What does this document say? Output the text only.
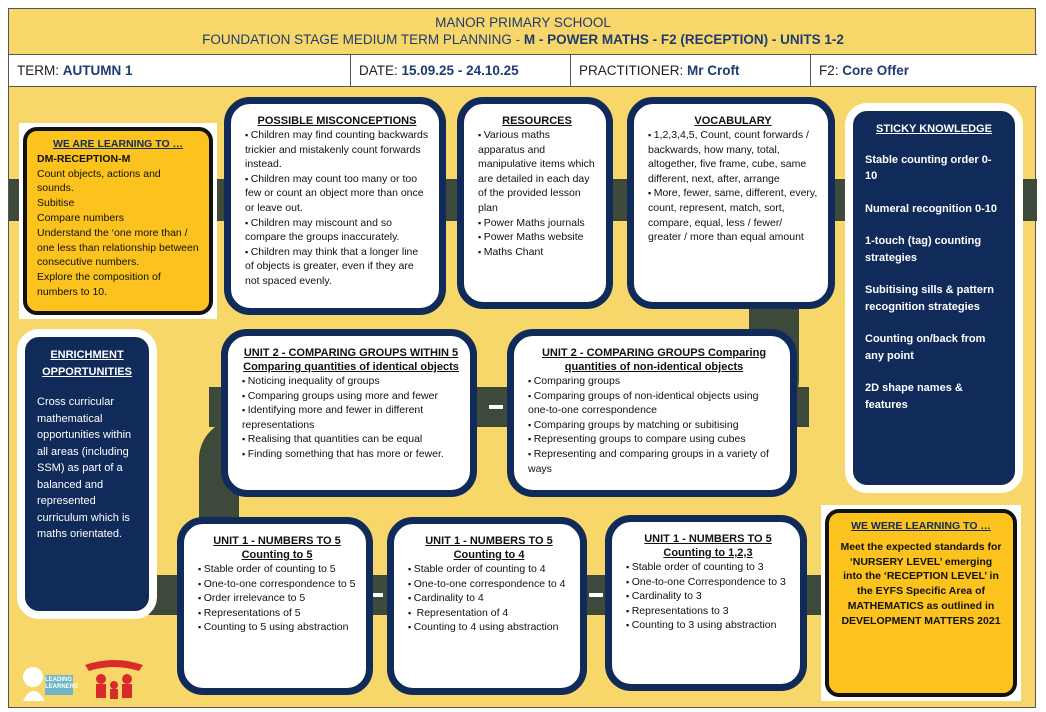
MANOR PRIMARY SCHOOL
FOUNDATION STAGE MEDIUM TERM PLANNING - M - POWER MATHS - F2 (RECEPTION) - UNITS 1-2
TERM: AUTUMN 1	DATE: 15.09.25 - 24.10.25	PRACTITIONER: Mr Croft	F2: Core Offer
WE ARE LEARNING TO …
DM-RECEPTION-M
Count objects, actions and sounds.
Subitise
Compare numbers
Understand the ‘one more than / one less than relationship between consecutive numbers.
Explore the composition of numbers to 10.
POSSIBLE MISCONCEPTIONS
▪ Children may find counting backwards trickier and mistakenly count forwards instead.
▪ Children may count too many or too few or count an object more than once or leave out.
▪ Children may miscount and so compare the groups inaccurately.
▪ Children may think that a longer line of objects is greater, even if they are not spaced evenly.
RESOURCES
▪ Various maths apparatus and manipulative items which are detailed in each day of the provided lesson plan
▪ Power Maths journals
▪ Power Maths website
▪ Maths Chant
VOCABULARY
▪ 1,2,3,4,5, Count, count forwards / backwards, how many, total, altogether, five frame, cube, same different, next, after, arrange
▪ More, fewer, same, different, every, count, represent, match, sort, compare, equal, less / fewer/ greater / more than equal amount
STICKY KNOWLEDGE
Stable counting order 0-10
Numeral recognition 0-10
1-touch (tag) counting strategies
Subitising sills & pattern recognition strategies
Counting on/back from any point
2D shape names & features
ENRICHMENT OPPORTUNITIES
Cross curricular mathematical opportunities within all areas (including SSM) as part of a balanced and represented curriculum which is maths orientated.
UNIT 2 - COMPARING GROUPS WITHIN 5
Comparing quantities of identical objects
▪ Noticing inequality of groups
▪ Comparing groups using more and fewer
▪ Identifying more and fewer in different representations
▪ Realising that quantities can be equal
▪ Finding something that has more or fewer.
UNIT 2 - COMPARING GROUPS Comparing quantities of non-identical objects
▪ Comparing groups
▪ Comparing groups of non-identical objects using one-to-one correspondence
▪ Comparing groups by matching or subitising
▪ Representing groups to compare using cubes
▪ Representing and comparing groups in a variety of ways
UNIT 1 - NUMBERS TO 5
Counting to 5
▪ Stable order of counting to 5
▪ One-to-one correspondence to 5
▪ Order irrelevance to 5
▪ Representations of 5
▪ Counting to 5 using abstraction
UNIT 1 - NUMBERS TO 5
Counting to 4
▪ Stable order of counting to 4
▪ One-to-one correspondence to 4
▪ Cardinality to 4
▪  Representation of 4
▪ Counting to 4 using abstraction
UNIT 1 - NUMBERS TO 5
Counting to 1,2,3
▪ Stable order of counting to 3
▪ One-to-one Correspondence to 3
▪ Cardinality to 3
▪ Representations to 3
▪ Counting to 3 using abstraction
WE WERE LEARNING TO …
Meet the expected standards for ‘NURSERY LEVEL’ emerging into the ‘RECEPTION LEVEL’ in the EYFS Specific Area of MATHEMATICS as outlined in DEVELOPMENT MATTERS 2021
LEADING LEARNERS
